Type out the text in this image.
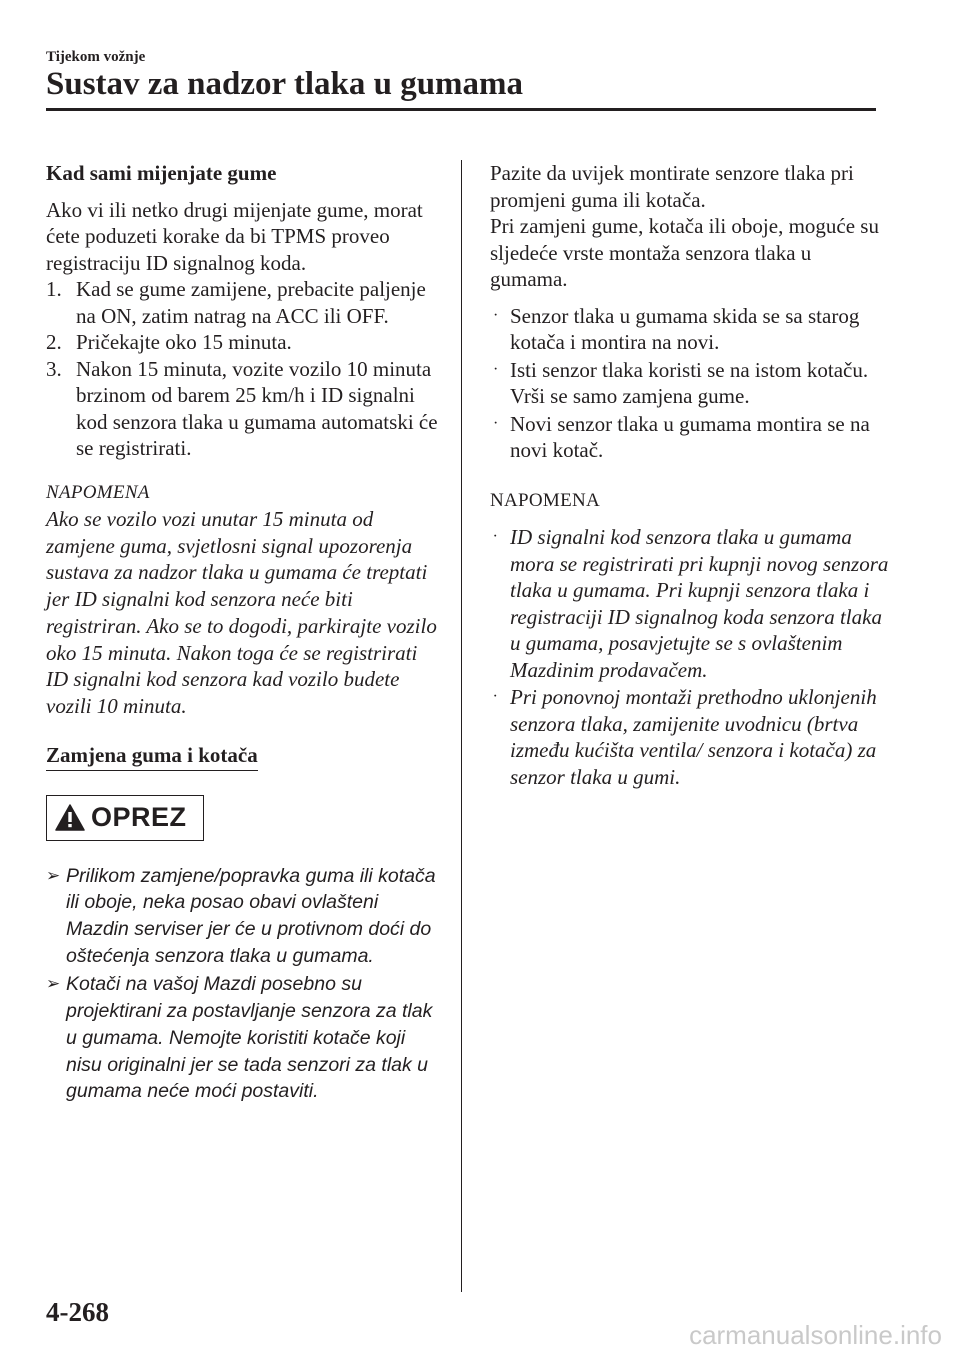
Tijekom vožnje
Sustav za nadzor tlaka u gumama

Kad sami mijenjate gume

Ako vi ili netko drugi mijenjate gume, morat ćete poduzeti korake da bi TPMS proveo registraciju ID signalnog koda.

1. Kad se gume zamijene, prebacite paljenje na ON, zatim natrag na ACC ili OFF.
2. Pričekajte oko 15 minuta.
3. Nakon 15 minuta, vozite vozilo 10 minuta brzinom od barem 25 km/h i ID signalni kod senzora tlaka u gumama automatski će se registrirati.

NAPOMENA

Ako se vozilo vozi unutar 15 minuta od zamjene guma, svjetlosni signal upozorenja sustava za nadzor tlaka u gumama će treptati jer ID signalni kod senzora neće biti registriran. Ako se to dogodi, parkirajte vozilo oko 15 minuta. Nakon toga će se registrirati ID signalni kod senzora kad vozilo budete vozili 10 minuta.

Zamjena guma i kotača
OPREZ
➢ Prilikom zamjene/popravka guma ili kotača ili oboje, neka posao obavi ovlašteni Mazdin serviser jer će u protivnom doći do oštećenja senzora tlaka u gumama.
➢ Kotači na vašoj Mazdi posebno su projektirani za postavljanje senzora za tlak u gumama. Nemojte koristiti kotače koji nisu originalni jer se tada senzori za tlak u gumama neće moći postaviti.

Pazite da uvijek montirate senzore tlaka pri promjeni guma ili kotača.

Pri zamjeni gume, kotača ili oboje, moguće su sljedeće vrste montaža senzora tlaka u gumama.

· Senzor tlaka u gumama skida se sa starog kotača i montira na novi.
· Isti senzor tlaka koristi se na istom kotaču. Vrši se samo zamjena gume.
· Novi senzor tlaka u gumama montira se na novi kotač.

NAPOMENA

· ID signalni kod senzora tlaka u gumama mora se registrirati pri kupnji novog senzora tlaka u gumama. Pri kupnji senzora tlaka i registraciji ID signalnog koda senzora tlaka u gumama, posavjetujte se s ovlaštenim Mazdinim prodavačem.
· Pri ponovnoj montaži prethodno uklonjenih senzora tlaka, zamijenite uvodnicu (brtva između kućišta ventila/ senzora i kotača) za senzor tlaka u gumi.
4-268
carmanualsonline.info
